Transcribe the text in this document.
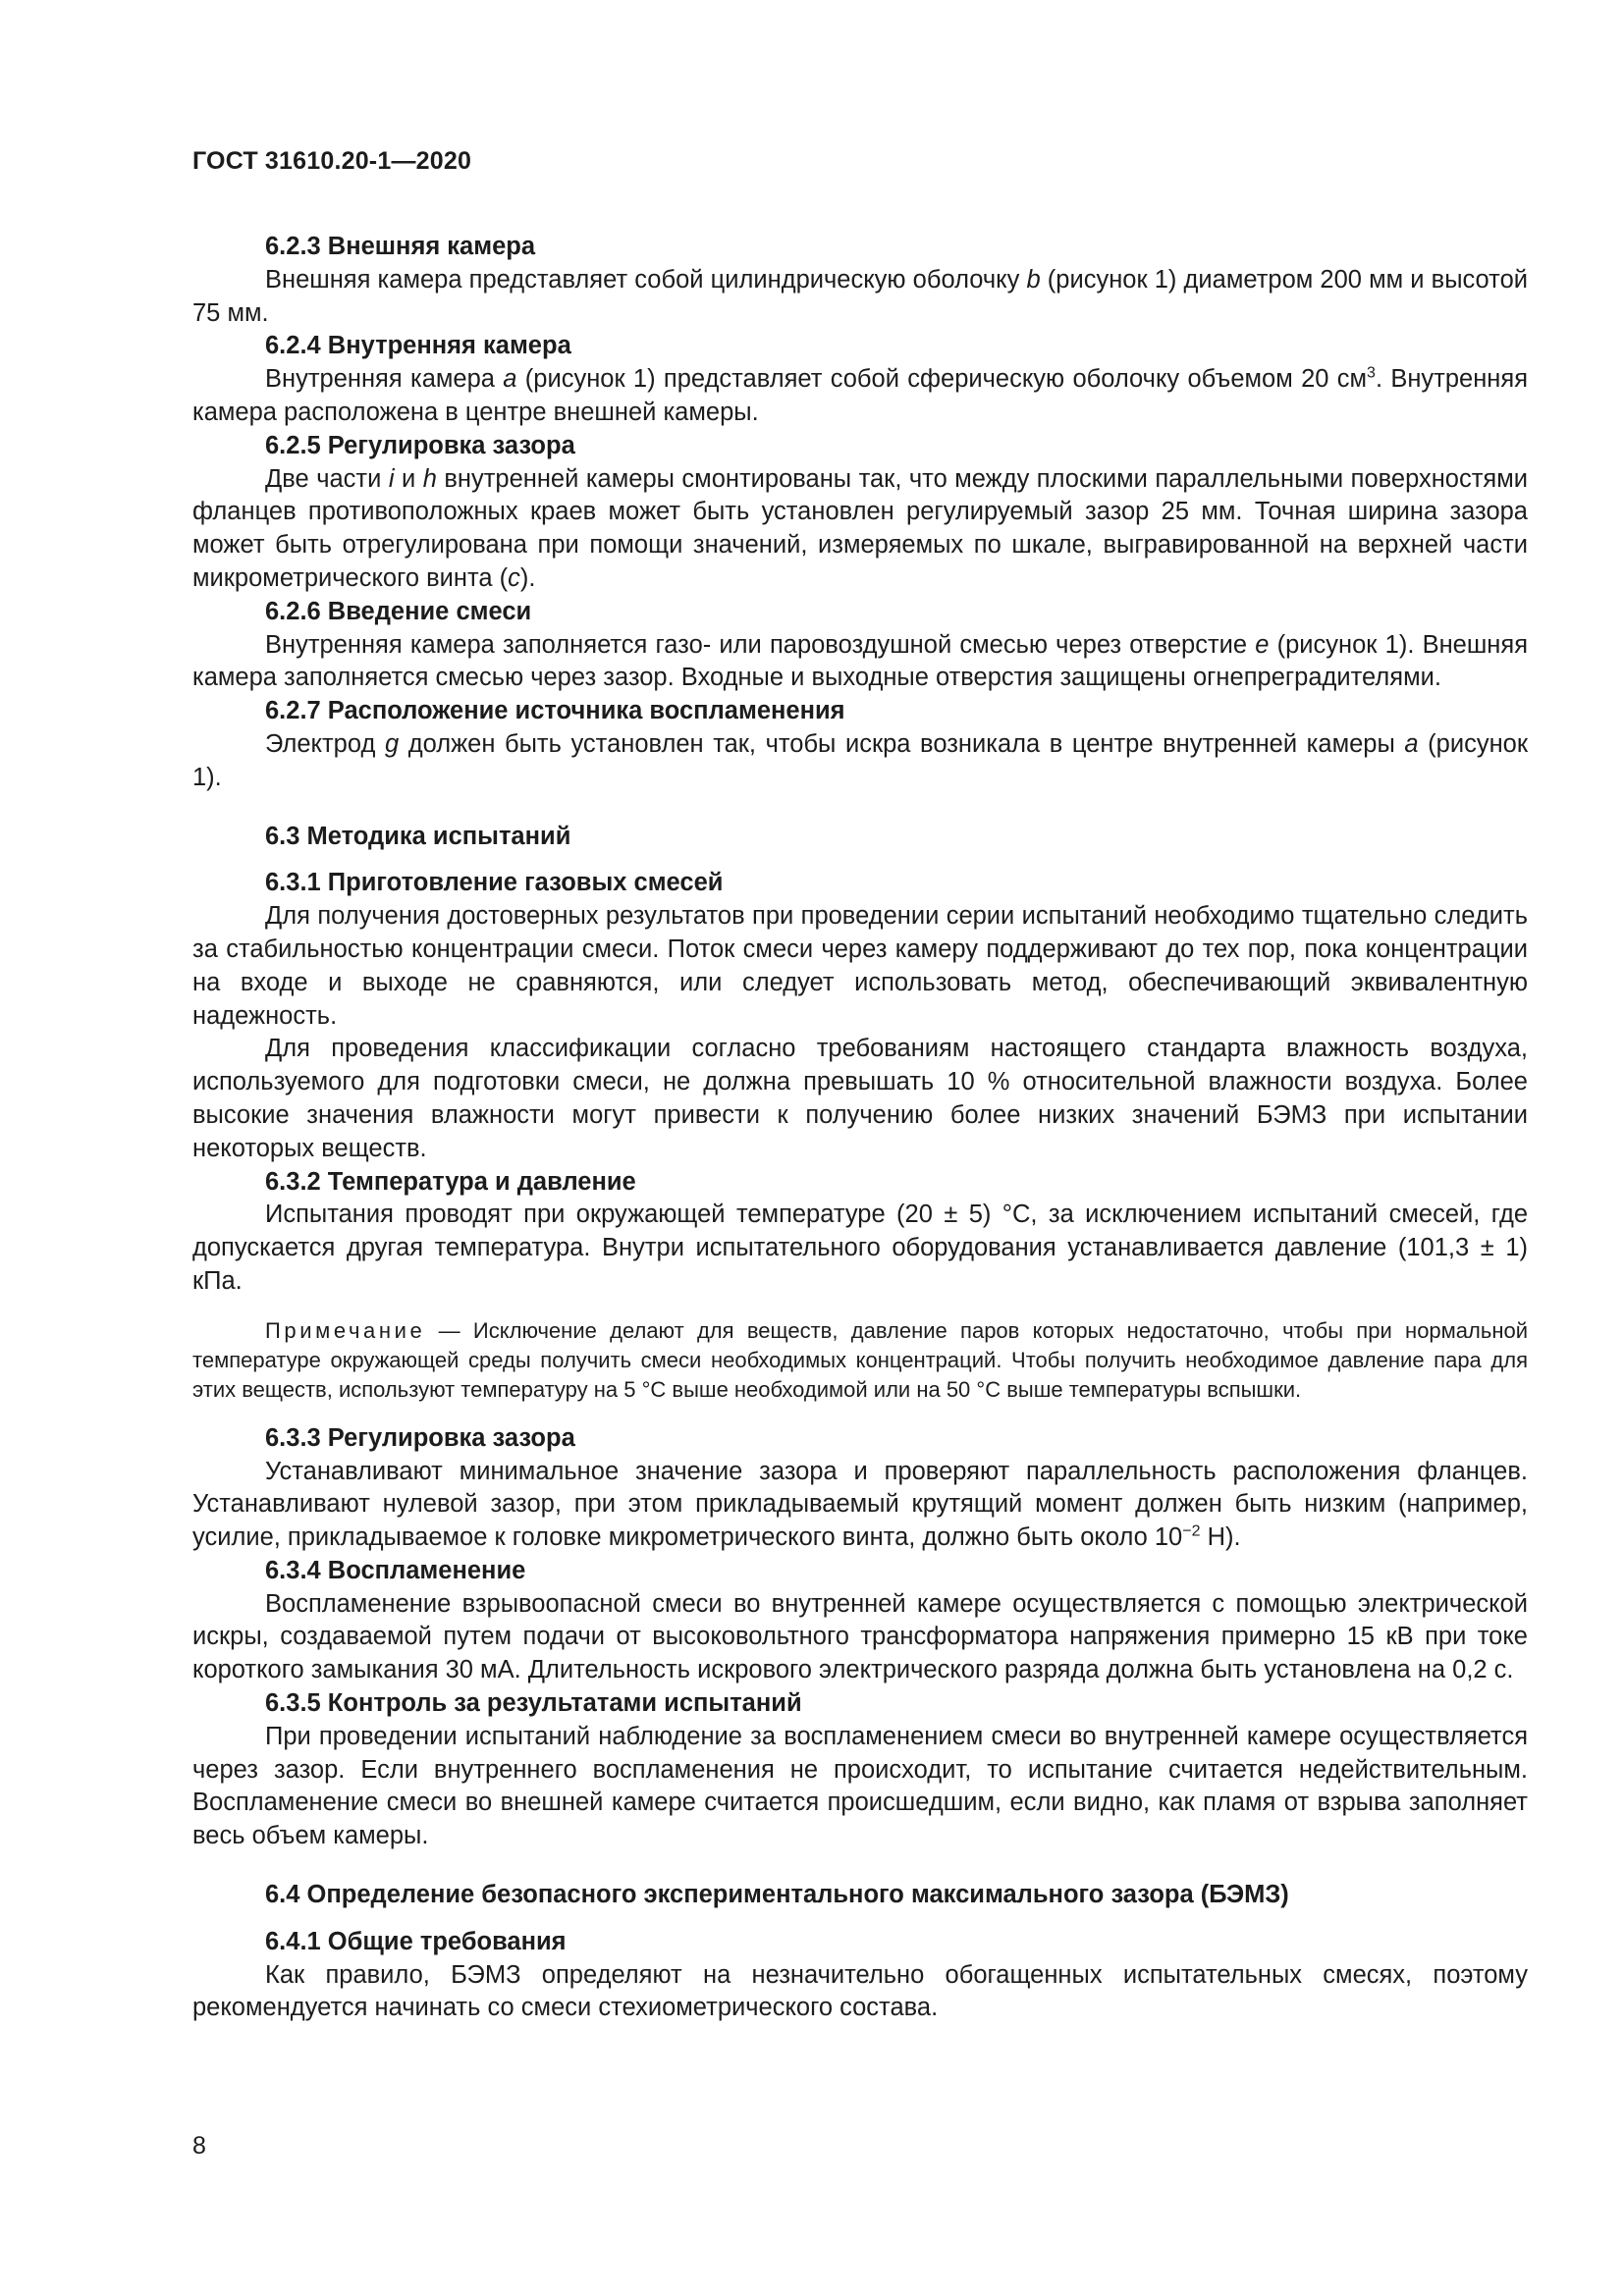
ГОСТ 31610.20-1—2020
6.2.3 Внешняя камера

Внешняя камера представляет собой цилиндрическую оболочку b (рисунок 1) диаметром 200 мм и высотой 75 мм.

6.2.4 Внутренняя камера

Внутренняя камера a (рисунок 1) представляет собой сферическую оболочку объемом 20 $см^3$. Внутренняя камера расположена в центре внешней камеры.

6.2.5 Регулировка зазора

Две части i и h внутренней камеры смонтированы так, что между плоскими параллельными поверхностями фланцев противоположных краев может быть установлен регулируемый зазор 25 мм. Точная ширина зазора может быть отрегулирована при помощи значений, измеряемых по шкале, выгравированной на верхней части микрометрического винта (c).

6.2.6 Введение смеси

Внутренняя камера заполняется газо- или паровоздушной смесью через отверстие e (рисунок 1). Внешняя камера заполняется смесью через зазор. Входные и выходные отверстия защищены огнепреградителями.

6.2.7 Расположение источника воспламенения

Электрод g должен быть установлен так, чтобы искра возникала в центре внутренней камеры a (рисунок 1).

6.3 Методика испытаний
6.3.1 Приготовление газовых смесей

Для получения достоверных результатов при проведении серии испытаний необходимо тщательно следить за стабильностью концентрации смеси. Поток смеси через камеру поддерживают до тех пор, пока концентрации на входе и выходе не сравняются, или следует использовать метод, обеспечивающий эквивалентную надежность.

Для проведения классификации согласно требованиям настоящего стандарта влажность воздуха, используемого для подготовки смеси, не должна превышать 10 % относительной влажности воздуха. Более высокие значения влажности могут привести к получению более низких значений БЭМЗ при испытании некоторых веществ.

6.3.2 Температура и давление

Испытания проводят при окружающей температуре (20 ± 5) °С, за исключением испытаний смесей, где допускается другая температура. Внутри испытательного оборудования устанавливается давление (101,3 ± 1) кПа.

Примечание — Исключение делают для веществ, давление паров которых недостаточно, чтобы при нормальной температуре окружающей среды получить смеси необходимых концентраций. Чтобы получить необходимое давление пара для этих веществ, используют температуру на 5 °С выше необходимой или на 50 °С выше температуры вспышки.

6.3.3 Регулировка зазора

Устанавливают минимальное значение зазора и проверяют параллельность расположения фланцев. Устанавливают нулевой зазор, при этом прикладываемый крутящий момент должен быть низким (например, усилие, прикладываемое к головке микрометрического винта, должно быть около $10^{-2}$ Н).

6.3.4 Воспламенение

Воспламенение взрывоопасной смеси во внутренней камере осуществляется с помощью электрической искры, создаваемой путем подачи от высоковольтного трансформатора напряжения примерно 15 кВ при токе короткого замыкания 30 мА. Длительность искрового электрического разряда должна быть установлена на 0,2 с.

6.3.5 Контроль за результатами испытаний

При проведении испытаний наблюдение за воспламенением смеси во внутренней камере осуществляется через зазор. Если внутреннего воспламенения не происходит, то испытание считается недействительным. Воспламенение смеси во внешней камере считается происшедшим, если видно, как пламя от взрыва заполняет весь объем камеры.

6.4 Определение безопасного экспериментального максимального зазора (БЭМЗ)
6.4.1 Общие требования

Как правило, БЭМЗ определяют на незначительно обогащенных испытательных смесях, поэтому рекомендуется начинать со смеси стехиометрического состава.

8
